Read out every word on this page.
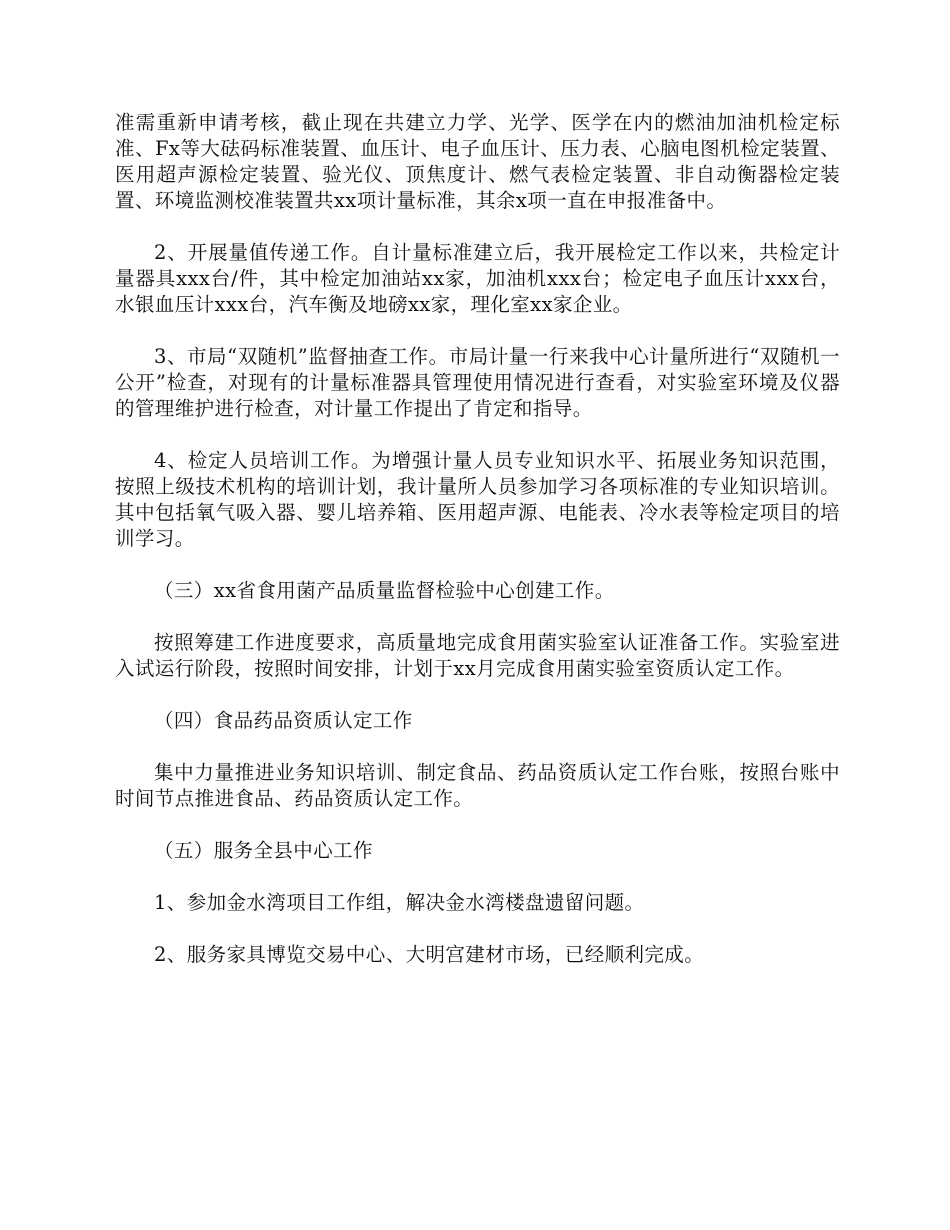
准需重新申请考核，截止现在共建立力学、光学、医学在内的燃油加油机检定标准、Fx等大砝码标准装置、血压计、电子血压计、压力表、心脑电图机检定装置、医用超声源检定装置、验光仪、顶焦度计、燃气表检定装置、非自动衡器检定装置、环境监测校准装置共xx项计量标准，其余x项一直在申报准备中。

2、开展量值传递工作。自计量标准建立后，我开展检定工作以来，共检定计量器具xxx台/件，其中检定加油站xx家，加油机xxx台；检定电子血压计xxx台，水银血压计xxx台，汽车衡及地磅xx家，理化室xx家企业。

3、市局“双随机”监督抽查工作。市局计量一行来我中心计量所进行“双随机一公开”检查，对现有的计量标准器具管理使用情况进行查看，对实验室环境及仪器的管理维护进行检查，对计量工作提出了肯定和指导。

4、检定人员培训工作。为增强计量人员专业知识水平、拓展业务知识范围，按照上级技术机构的培训计划，我计量所人员参加学习各项标准的专业知识培训。其中包括氧气吸入器、婴儿培养箱、医用超声源、电能表、冷水表等检定项目的培训学习。

（三）xx省食用菌产品质量监督检验中心创建工作。

按照筹建工作进度要求，高质量地完成食用菌实验室认证准备工作。实验室进入试运行阶段，按照时间安排，计划于xx月完成食用菌实验室资质认定工作。

（四）食品药品资质认定工作

集中力量推进业务知识培训、制定食品、药品资质认定工作台账，按照台账中时间节点推进食品、药品资质认定工作。

（五）服务全县中心工作

1、参加金水湾项目工作组，解决金水湾楼盘遗留问题。

2、服务家具博览交易中心、大明宫建材市场，已经顺利完成。
